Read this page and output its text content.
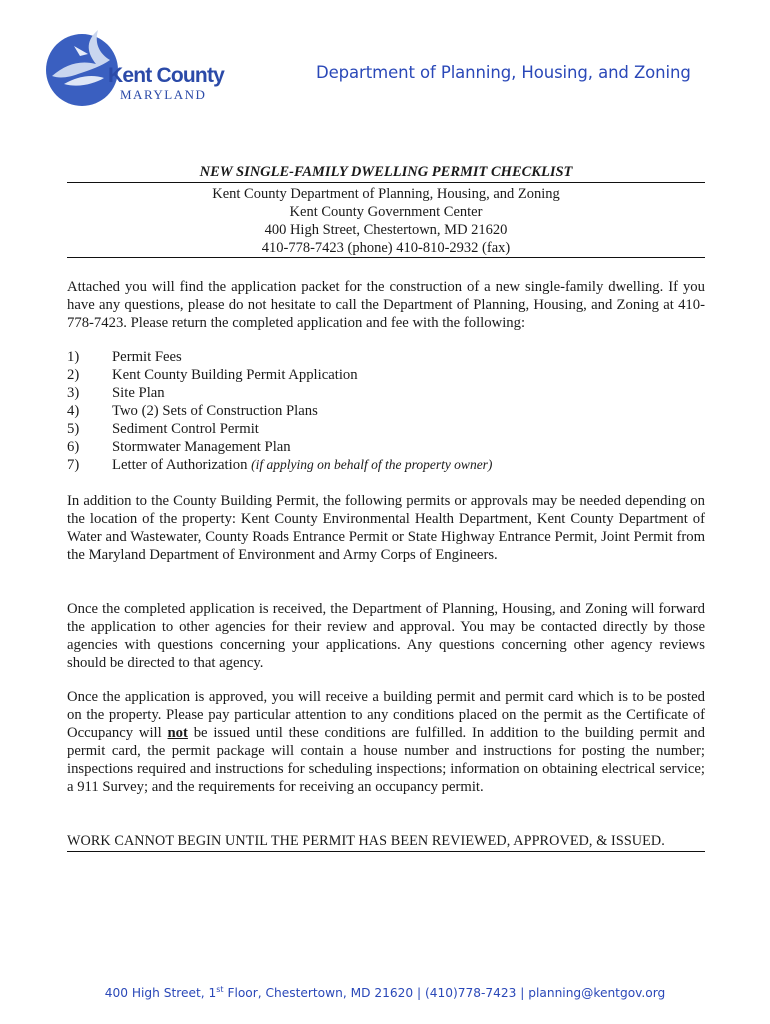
Kent County
MARYLAND
Department of Planning, Housing, and Zoning
NEW SINGLE-FAMILY DWELLING PERMIT CHECKLIST
Kent County Department of Planning, Housing, and Zoning
Kent County Government Center
400 High Street, Chestertown, MD 21620
410-778-7423 (phone) 410-810-2932 (fax)
Attached you will find the application packet for the construction of a new single-family dwelling. If you have any questions, please do not hesitate to call the Department of Planning, Housing, and Zoning at 410-778-7423. Please return the completed application and fee with the following:
1) Permit Fees
2) Kent County Building Permit Application
3) Site Plan
4) Two (2) Sets of Construction Plans
5) Sediment Control Permit
6) Stormwater Management Plan
7) Letter of Authorization (if applying on behalf of the property owner)
In addition to the County Building Permit, the following permits or approvals may be needed depending on the location of the property: Kent County Environmental Health Department, Kent County Department of Water and Wastewater, County Roads Entrance Permit or State Highway Entrance Permit, Joint Permit from the Maryland Department of Environment and Army Corps of Engineers.
Once the completed application is received, the Department of Planning, Housing, and Zoning will forward the application to other agencies for their review and approval. You may be contacted directly by those agencies with questions concerning your applications. Any questions concerning other agency reviews should be directed to that agency.
Once the application is approved, you will receive a building permit and permit card which is to be posted on the property. Please pay particular attention to any conditions placed on the permit as the Certificate of Occupancy will not be issued until these conditions are fulfilled. In addition to the building permit and permit card, the permit package will contain a house number and instructions for posting the number; inspections required and instructions for scheduling inspections; information on obtaining electrical service; a 911 Survey; and the requirements for receiving an occupancy permit.
WORK CANNOT BEGIN UNTIL THE PERMIT HAS BEEN REVIEWED, APPROVED, & ISSUED.
400 High Street, 1st Floor, Chestertown, MD 21620 | (410)778-7423 | planning@kentgov.org
